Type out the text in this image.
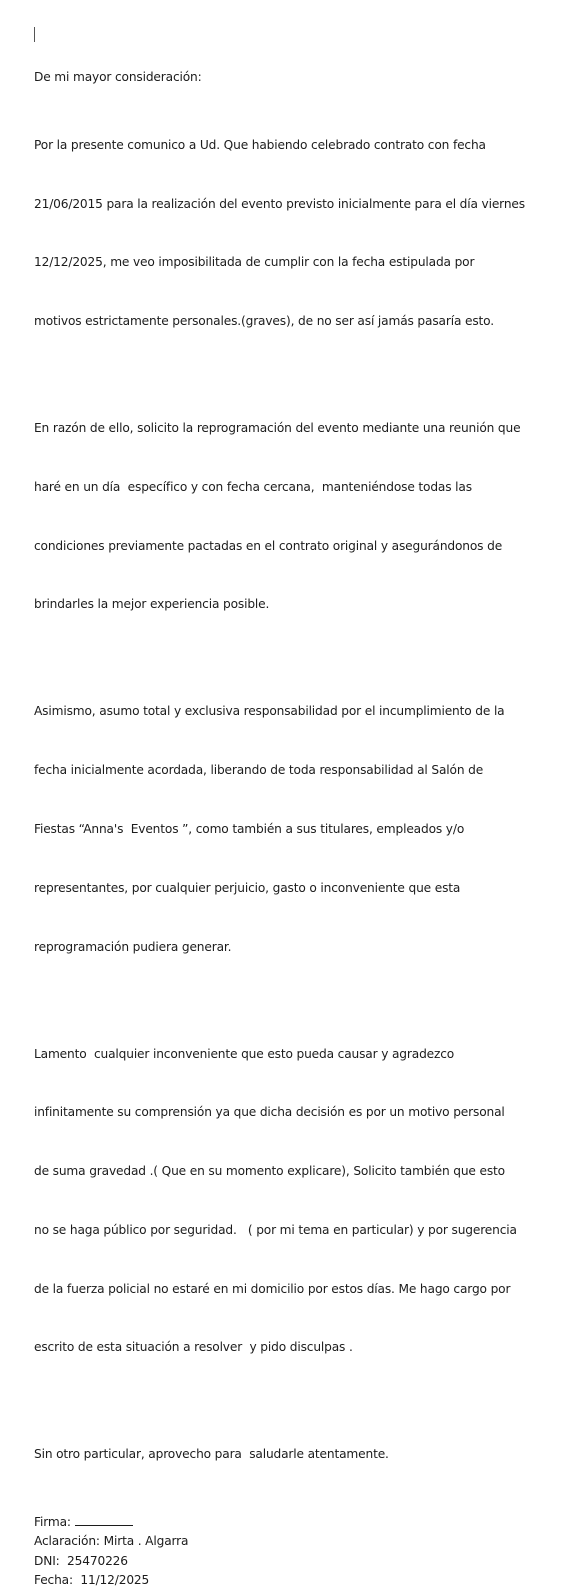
De mi mayor consideración:

Por la presente comunico a Ud. Que habiendo celebrado contrato con fecha

21/06/2015 para la realización del evento previsto inicialmente para el día viernes

12/12/2025, me veo imposibilitada de cumplir con la fecha estipulada por

motivos estrictamente personales.(graves), de no ser así jamás pasaría esto.

En razón de ello, solicito la reprogramación del evento mediante una reunión que

haré en un día  específico y con fecha cercana,  manteniéndose todas las

condiciones previamente pactadas en el contrato original y asegurándonos de

brindarles la mejor experiencia posible.

Asimismo, asumo total y exclusiva responsabilidad por el incumplimiento de la

fecha inicialmente acordada, liberando de toda responsabilidad al Salón de

Fiestas “Anna's  Eventos ”, como también a sus titulares, empleados y/o

representantes, por cualquier perjuicio, gasto o inconveniente que esta

reprogramación pudiera generar.

Lamento  cualquier inconveniente que esto pueda causar y agradezco

infinitamente su comprensión ya que dicha decisión es por un motivo personal

de suma gravedad .( Que en su momento explicare), Solicito también que esto

no se haga público por seguridad.   ( por mi tema en particular) y por sugerencia

de la fuerza policial no estaré en mi domicilio por estos días. Me hago cargo por

escrito de esta situación a resolver  y pido disculpas .

Sin otro particular, aprovecho para  saludarle atentamente.

Firma:
Aclaración: Mirta . Algarra
DNI:  25470226
Fecha:  11/12/2025
